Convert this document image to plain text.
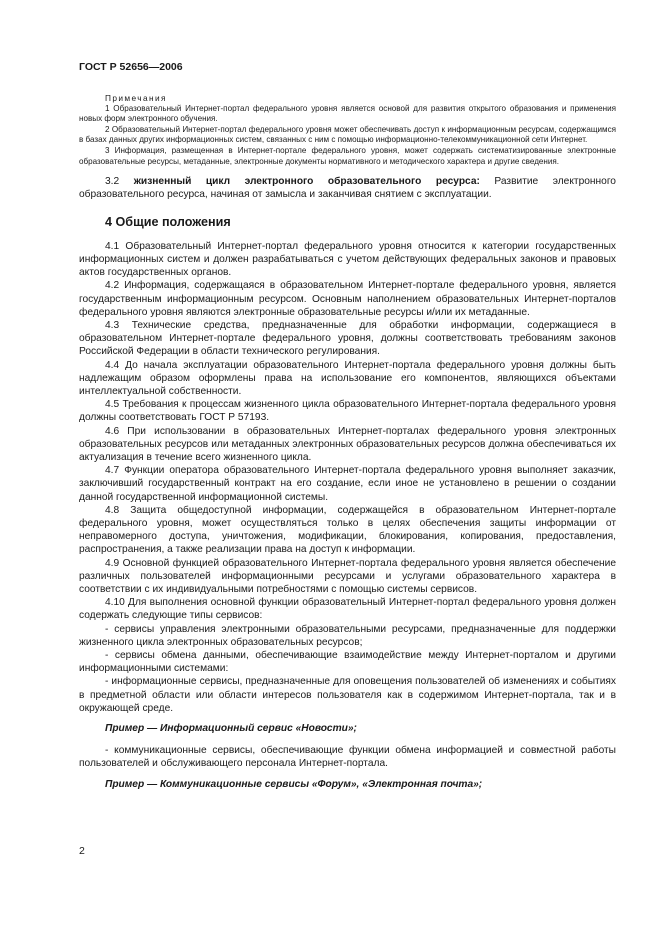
ГОСТ Р 52656—2006

Примечания

1 Образовательный Интернет-портал федерального уровня является основой для развития открытого образования и применения новых форм электронного обучения.

2 Образовательный Интернет-портал федерального уровня может обеспечивать доступ к информационным ресурсам, содержащимся в базах данных других информационных систем, связанных с ним с помощью информационно-телекоммуникационной сети Интернет.

3 Информация, размещенная в Интернет-портале федерального уровня, может содержать систематизированные электронные образовательные ресурсы, метаданные, электронные документы нормативного и методического характера и другие сведения.

3.2 жизненный цикл электронного образовательного ресурса: Развитие электронного образовательного ресурса, начиная от замысла и заканчивая снятием с эксплуатации.

4 Общие положения

4.1 Образовательный Интернет-портал федерального уровня относится к категории государственных информационных систем и должен разрабатываться с учетом действующих федеральных законов и правовых актов государственных органов.

4.2 Информация, содержащаяся в образовательном Интернет-портале федерального уровня, является государственным информационным ресурсом. Основным наполнением образовательных Интернет-порталов федерального уровня являются электронные образовательные ресурсы и/или их метаданные.

4.3 Технические средства, предназначенные для обработки информации, содержащиеся в образовательном Интернет-портале федерального уровня, должны соответствовать требованиям законов Российской Федерации в области технического регулирования.

4.4 До начала эксплуатации образовательного Интернет-портала федерального уровня должны быть надлежащим образом оформлены права на использование его компонентов, являющихся объектами интеллектуальной собственности.

4.5 Требования к процессам жизненного цикла образовательного Интернет-портала федерального уровня должны соответствовать ГОСТ Р 57193.

4.6 При использовании в образовательных Интернет-порталах федерального уровня электронных образовательных ресурсов или метаданных электронных образовательных ресурсов должна обеспечиваться их актуализация в течение всего жизненного цикла.

4.7 Функции оператора образовательного Интернет-портала федерального уровня выполняет заказчик, заключивший государственный контракт на его создание, если иное не установлено в решении о создании данной государственной информационной системы.

4.8 Защита общедоступной информации, содержащейся в образовательном Интернет-портале федерального уровня, может осуществляться только в целях обеспечения защиты информации от неправомерного доступа, уничтожения, модификации, блокирования, копирования, предоставления, распространения, а также реализации права на доступ к информации.

4.9 Основной функцией образовательного Интернет-портала федерального уровня является обеспечение различных пользователей информационными ресурсами и услугами образовательного характера в соответствии с их индивидуальными потребностями с помощью системы сервисов.

4.10 Для выполнения основной функции образовательный Интернет-портал федерального уровня должен содержать следующие типы сервисов:

- сервисы управления электронными образовательными ресурсами, предназначенные для поддержки жизненного цикла электронных образовательных ресурсов;

- сервисы обмена данными, обеспечивающие взаимодействие между Интернет-порталом и другими информационными системами:

- информационные сервисы, предназначенные для оповещения пользователей об изменениях и событиях в предметной области или области интересов пользователя как в содержимом Интернет-портала, так и в окружающей среде.

Пример — Информационный сервис «Новости»;

- коммуникационные сервисы, обеспечивающие функции обмена информацией и совместной работы пользователей и обслуживающего персонала Интернет-портала.

Пример — Коммуникационные сервисы «Форум», «Электронная почта»;

2
